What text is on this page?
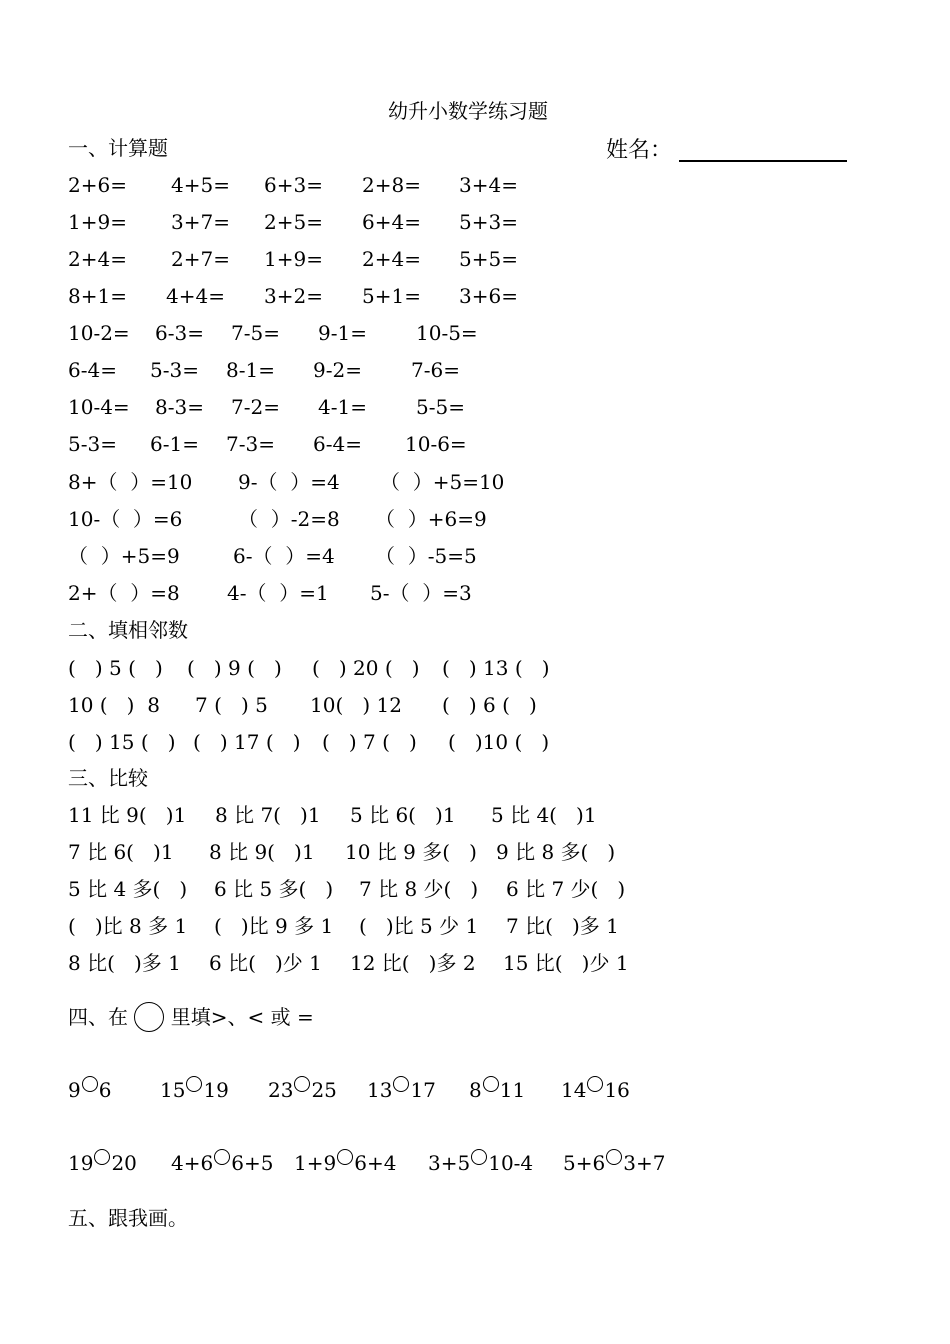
幼升小数学练习题
一、计算题	姓名：
2+6= 4+5= 6+3= 2+8= 3+4=
1+9= 3+7= 2+5= 6+4= 5+3=
2+4= 2+7= 1+9= 2+4= 5+5=
8+1= 4+4= 3+2= 5+1= 3+6=
10-2= 6-3= 7-5= 9-1= 10-5=
6-4= 5-3= 8-1= 9-2= 7-6=
10-4= 8-3= 7-2= 4-1= 5-5=
5-3= 6-1= 7-3= 6-4= 10-6=
8+（  ）=10 9-（  ）=4 （  ）+5=10
10-（  ）=6	（  ）-2=8 （  ）+6=9
（  ）+5=9	6-（  ）=4 （  ）-5=5
2+（  ）=8 4-（  ）=1 5-（  ）=3
二、填相邻数
(   ) 5 (   ) (   ) 9 (   ) (   ) 20 (   ) (   ) 13 (   )
10 (   )  8 7 (   ) 5 10(   ) 12 (   ) 6 (   )
(   ) 15 (   ) (   ) 17 (   ) (   ) 7 (   ) (   )10 (   )
三、比较
11 比 9(   )1 8 比 7(   )1 5 比 6(   )1 5 比 4(   )1
7 比 6(   )1 8 比 9(   )1 10 比 9 多(   ) 9 比 8 多(   )
5 比 4 多(   ) 6 比 5 多(   ) 7 比 8 少(   ) 6 比 7 少(   )
(   )比 8 多 1 (   )比 9 多 1 (   )比 5 少 1 7 比(   )多 1
8 比(   )多 1 6 比(   )少 1 12 比(   )多 2 15 比(   )少 1
四、在 里填>、< 或 =
9 6 15 19 23 25 13 17 8 11 14 16
19 20 4+6 6+5 1+9 6+4 3+5 10-4 5+6 3+7
五、跟我画。
